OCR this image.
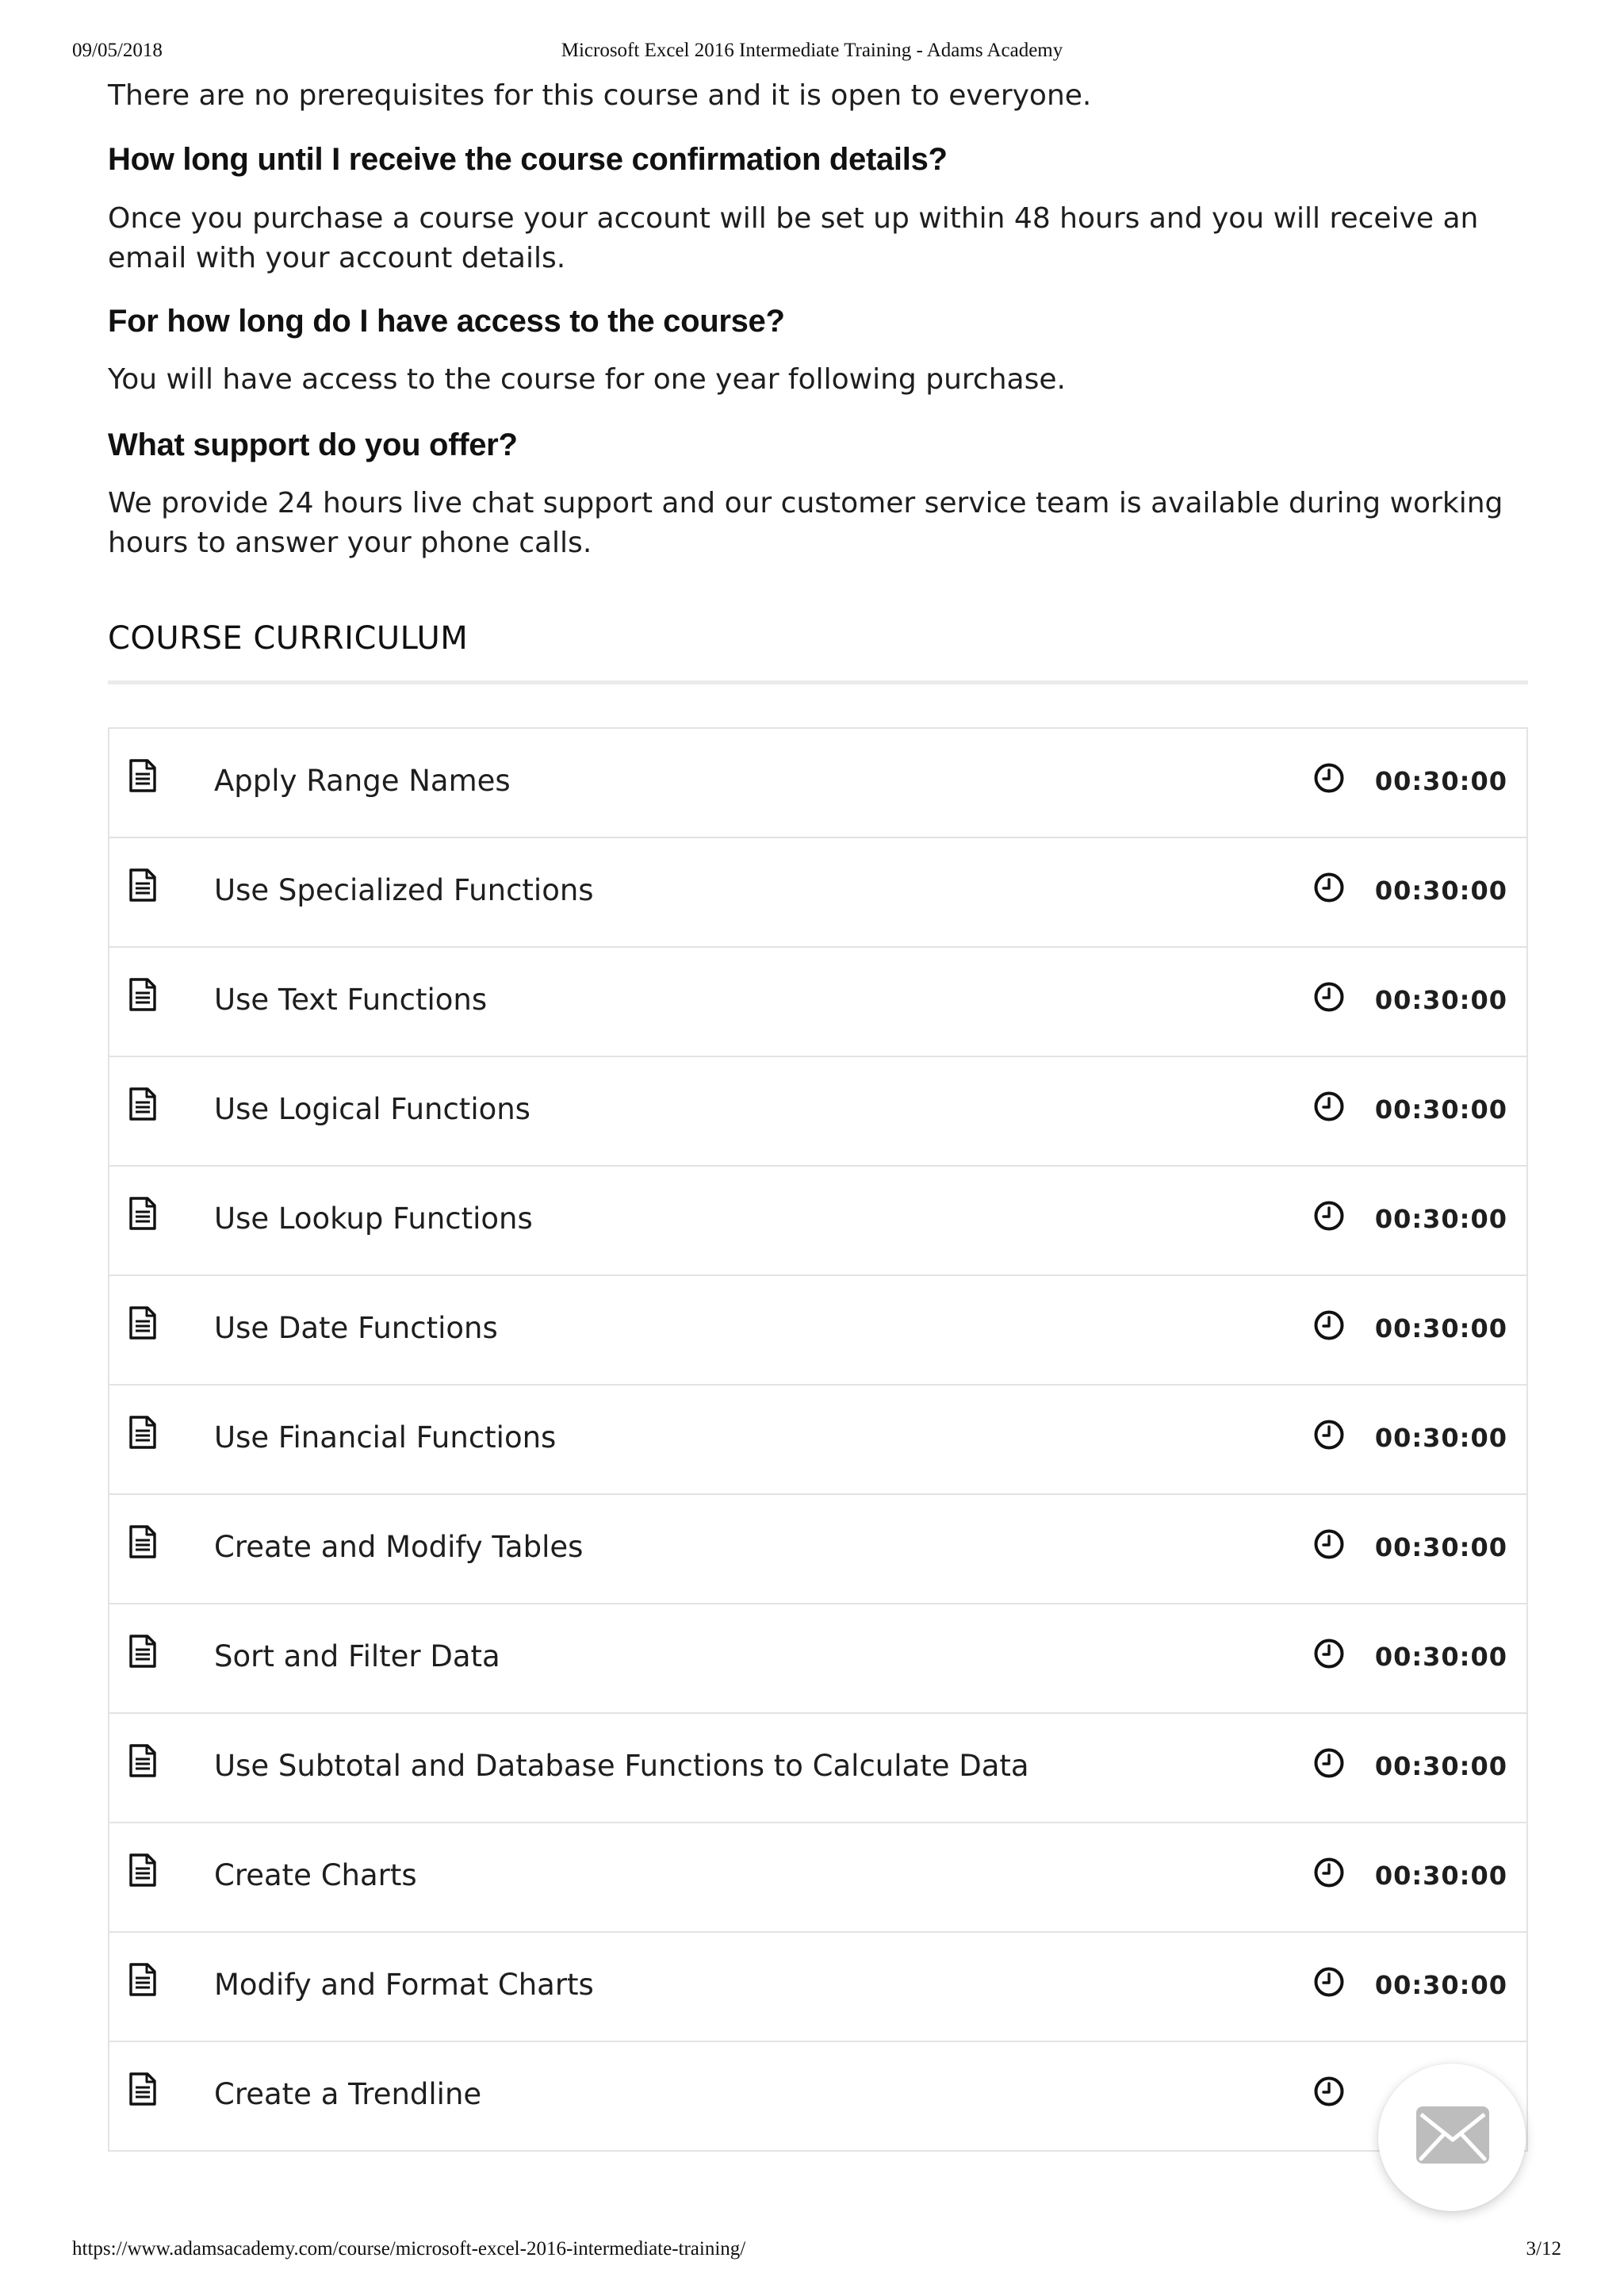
09/05/2018	Microsoft Excel 2016 Intermediate Training - Adams Academy

There are no prerequisites for this course and it is open to everyone.

How long until I receive the course confirmation details?

Once you purchase a course your account will be set up within 48 hours and you will receive an email with your account details.

For how long do I have access to the course?

You will have access to the course for one year following purchase.

What support do you offer?

We provide 24 hours live chat support and our customer service team is available during working hours to answer your phone calls.

COURSE CURRICULUM
Apply Range Names	00:30:00
Use Specialized Functions	00:30:00
Use Text Functions	00:30:00
Use Logical Functions	00:30:00
Use Lookup Functions	00:30:00
Use Date Functions	00:30:00
Use Financial Functions	00:30:00
Create and Modify Tables	00:30:00
Sort and Filter Data	00:30:00
Use Subtotal and Database Functions to Calculate Data	00:30:00
Create Charts	00:30:00
Modify and Format Charts	00:30:00
Create a Trendline
https://www.adamsacademy.com/course/microsoft-excel-2016-intermediate-training/	3/12
